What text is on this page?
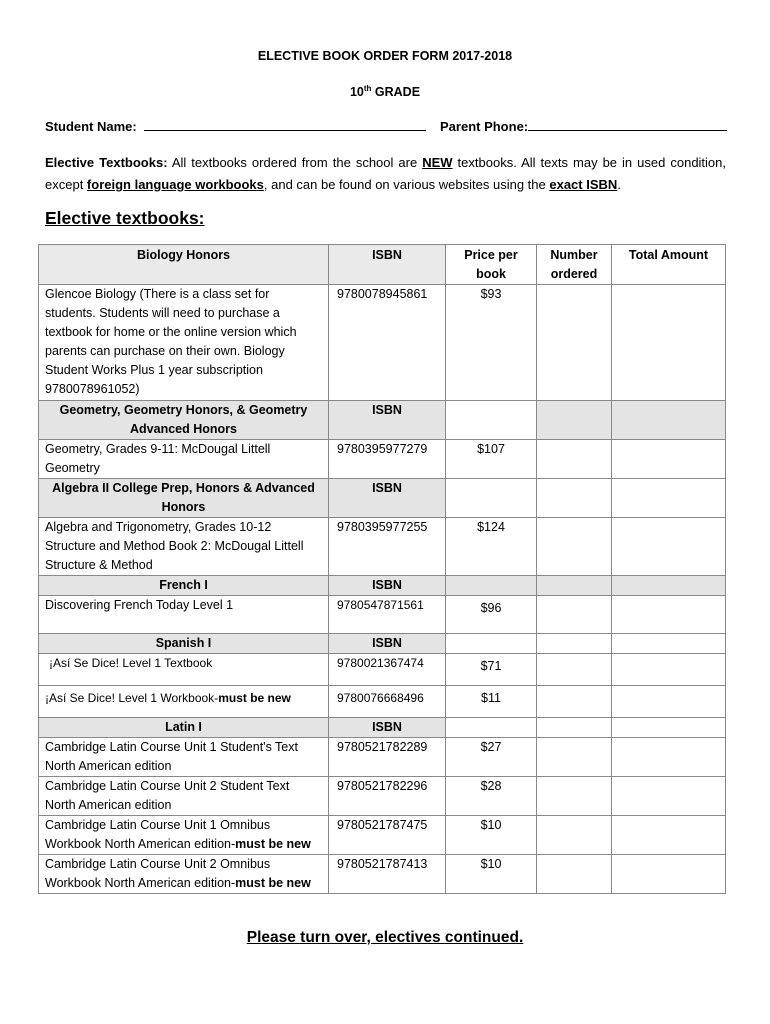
ELECTIVE BOOK ORDER FORM 2017-2018
10th GRADE
Student Name:	Parent Phone:
Elective Textbooks: All textbooks ordered from the school are NEW textbooks. All texts may be in used condition, except foreign language workbooks, and can be found on various websites using the exact ISBN.
Elective textbooks:
Biology Honors	ISBN	Price per book	Number ordered	Total Amount
Glencoe Biology (There is a class set for students. Students will need to purchase a textbook for home or the online version which parents can purchase on their own. Biology Student Works Plus 1 year subscription 9780078961052)	9780078945861	$93		
Geometry, Geometry Honors, & Geometry Advanced Honors	ISBN			
Geometry, Grades 9-11: McDougal Littell Geometry	9780395977279	$107		
Algebra II College Prep, Honors & Advanced Honors	ISBN			
Algebra and Trigonometry, Grades 10-12 Structure and Method Book 2: McDougal Littell Structure & Method	9780395977255	$124		
French I	ISBN			
Discovering French Today Level 1	9780547871561	$96		
Spanish I	ISBN			
¡Así Se Dice! Level 1 Textbook	9780021367474	$71		
¡Así Se Dice! Level 1 Workbook-must be new	9780076668496	$11		
Latin I	ISBN			
Cambridge Latin Course Unit 1 Student's Text North American edition	9780521782289	$27		
Cambridge Latin Course Unit 2 Student Text North American edition	9780521782296	$28		
Cambridge Latin Course Unit 1 Omnibus Workbook North American edition-must be new	9780521787475	$10		
Cambridge Latin Course Unit 2 Omnibus Workbook North American edition-must be new	9780521787413	$10		
Please turn over, electives continued.
